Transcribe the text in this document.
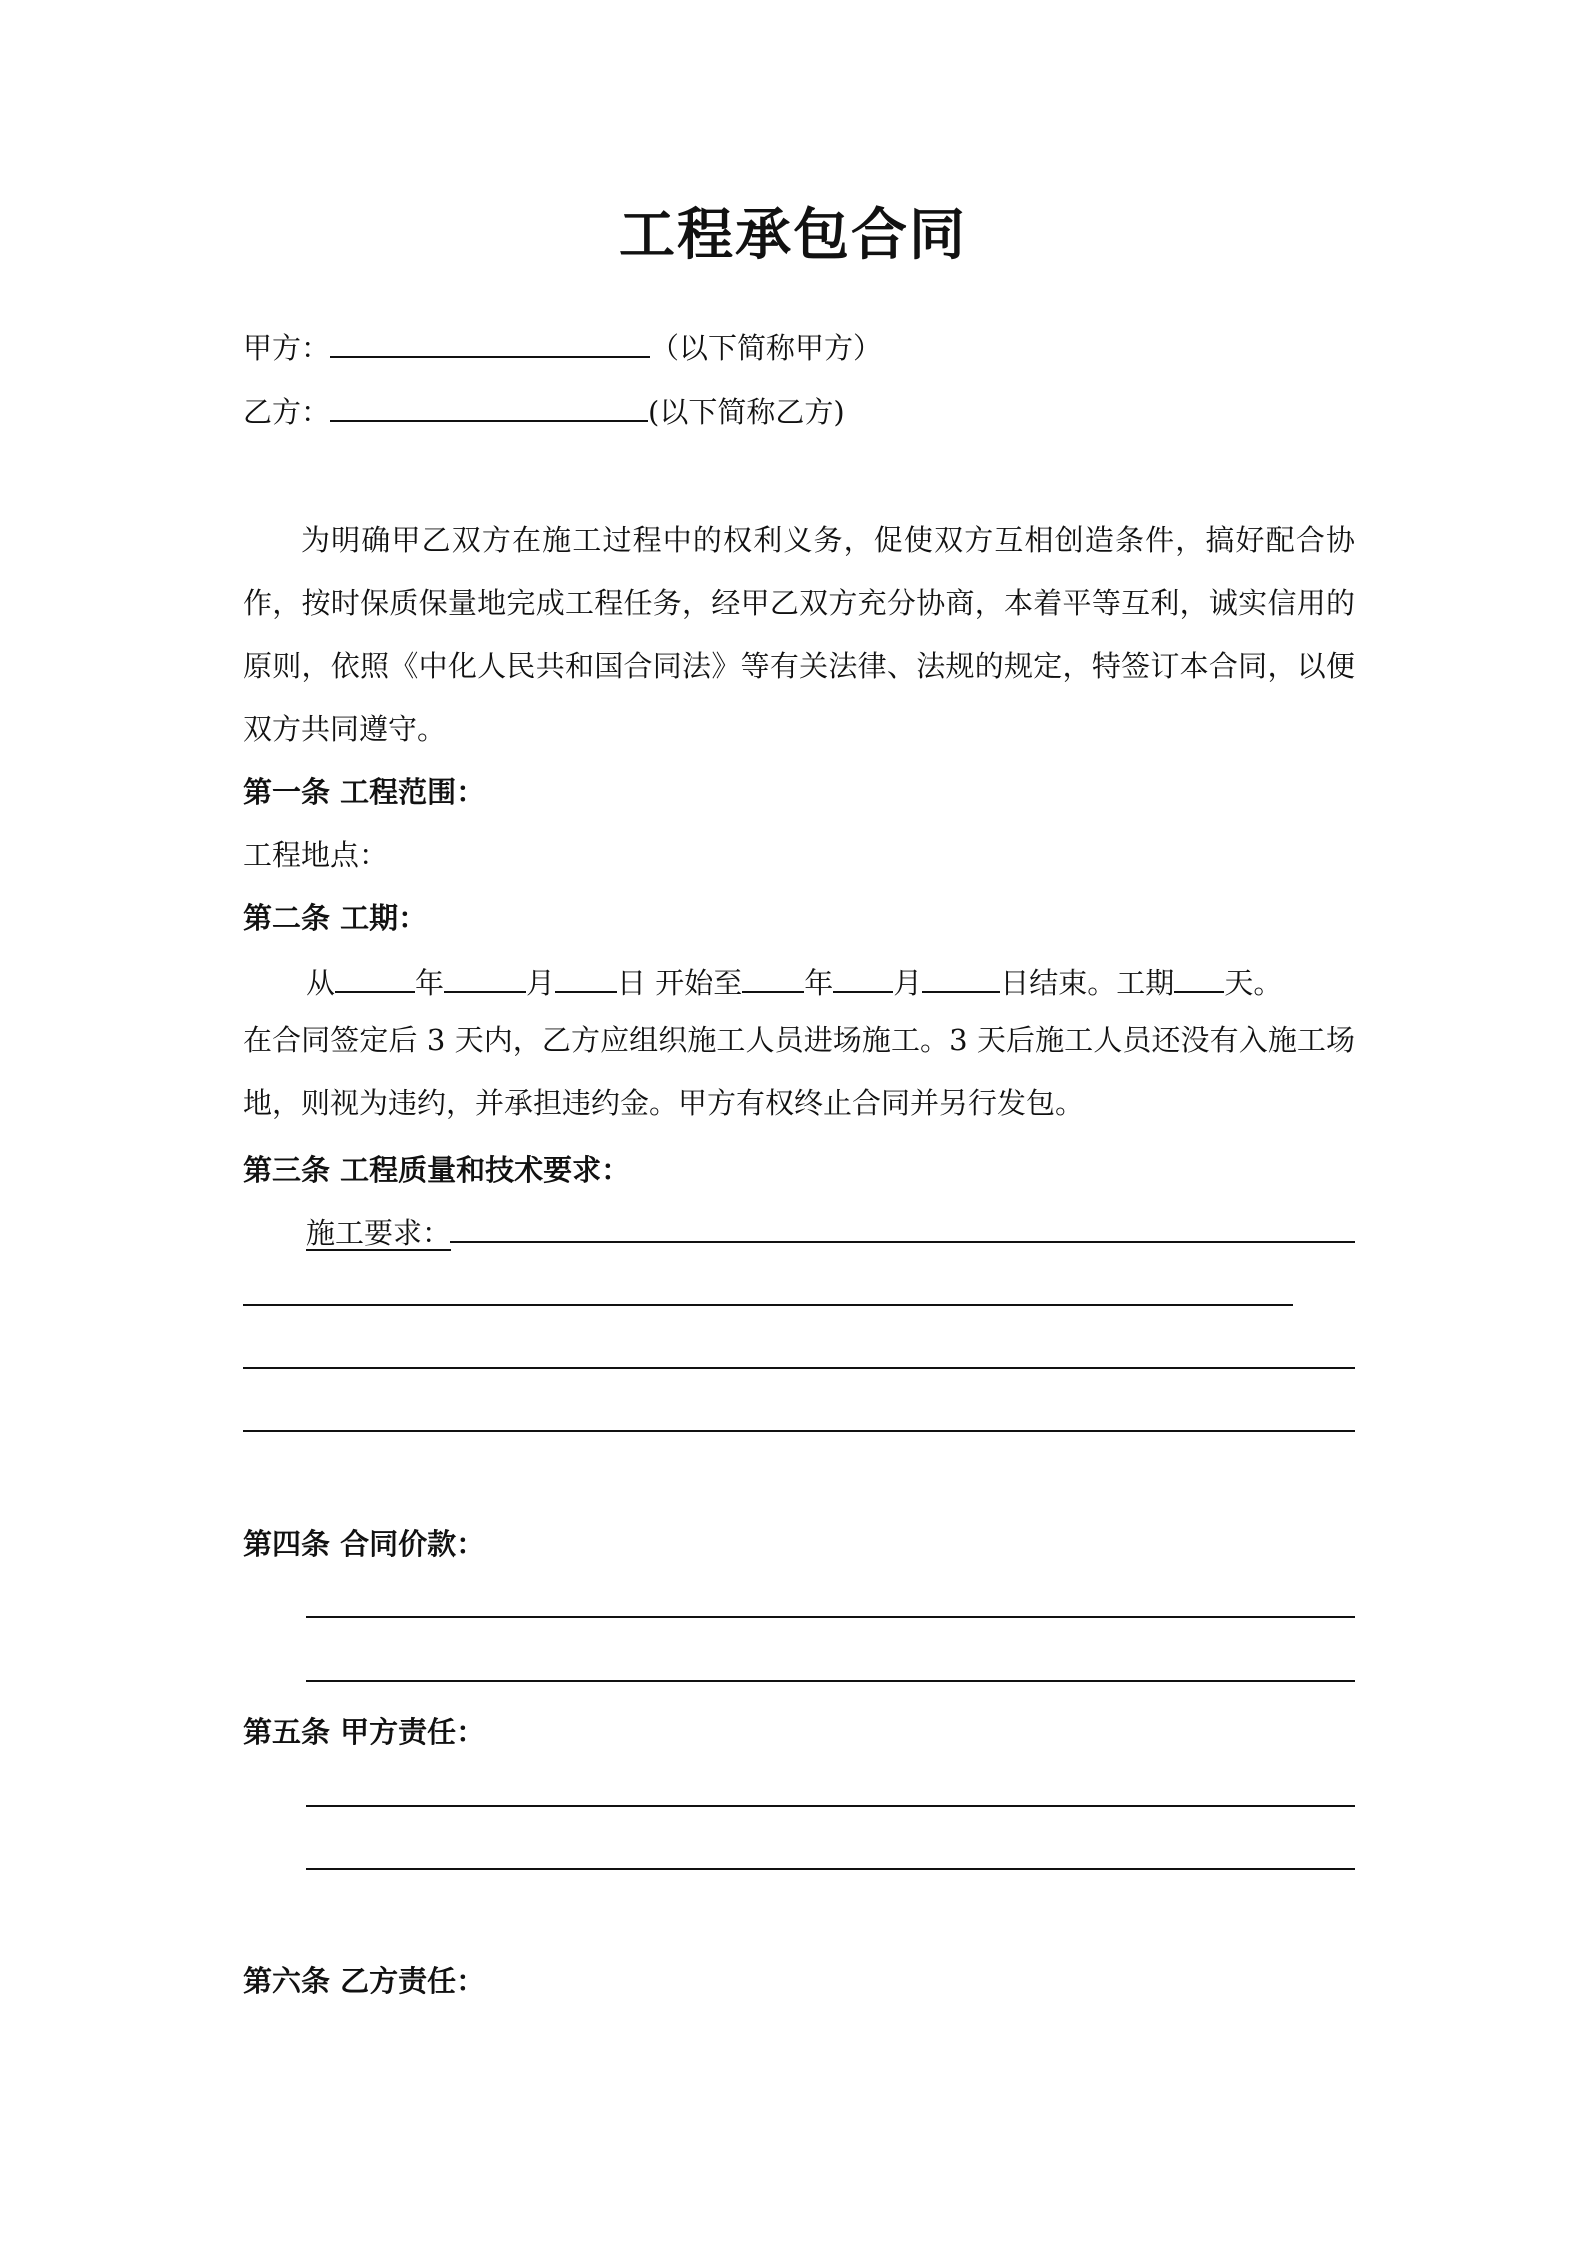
工程承包合同
甲方：	（以下简称甲方）
乙方：	(以下简称乙方)

为明确甲乙双方在施工过程中的权利义务，促使双方互相创造条件，搞好配合协作，按时保质保量地完成工程任务，经甲乙双方充分协商，本着平等互利，诚实信用的原则，依照《中化人民共和国合同法》等有关法律、法规的规定，特签订本合同，以便双方共同遵守。

第一条 工程范围：
工程地点：
第二条 工期：
从	年	月 日 开始至 年 月	日结束。工期 天。

在合同签定后 3 天内，乙方应组织施工人员进场施工。3 天后施工人员还没有入施工场地，则视为违约，并承担违约金。甲方有权终止合同并另行发包。

第三条 工程质量和技术要求：
施工要求：
第四条 合同价款：
第五条 甲方责任：
第六条 乙方责任：
